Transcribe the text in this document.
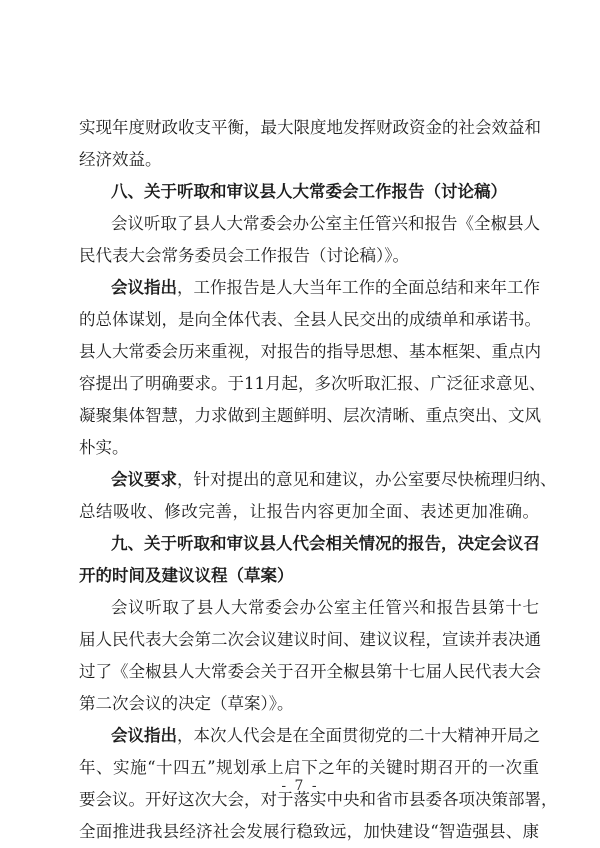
实现年度财政收支平衡，最大限度地发挥财政资金的社会效益和
经济效益。
八、关于听取和审议县人大常委会工作报告（讨论稿）
会议听取了县人大常委会办公室主任管兴和报告《全椒县人
民代表大会常务委员会工作报告（讨论稿）》。
会议指出，工作报告是人大当年工作的全面总结和来年工作
的总体谋划，是向全体代表、全县人民交出的成绩单和承诺书。
县人大常委会历来重视，对报告的指导思想、基本框架、重点内
容提出了明确要求。于11月起，多次听取汇报、广泛征求意见、
凝聚集体智慧，力求做到主题鲜明、层次清晰、重点突出、文风
朴实。
会议要求，针对提出的意见和建议，办公室要尽快梳理归纳、
总结吸收、修改完善，让报告内容更加全面、表述更加准确。
九、关于听取和审议县人代会相关情况的报告，决定会议召
开的时间及建议议程（草案）
会议听取了县人大常委会办公室主任管兴和报告县第十七
届人民代表大会第二次会议建议时间、建议议程，宣读并表决通
过了《全椒县人大常委会关于召开全椒县第十七届人民代表大会
第二次会议的决定（草案）》。
会议指出，本次人代会是在全面贯彻党的二十大精神开局之
年、实施“十四五”规划承上启下之年的关键时期召开的一次重
要会议。开好这次大会，对于落实中央和省市县委各项决策部署，
全面推进我县经济社会发展行稳致远，加快建设“智造强县、康
- 7 -
